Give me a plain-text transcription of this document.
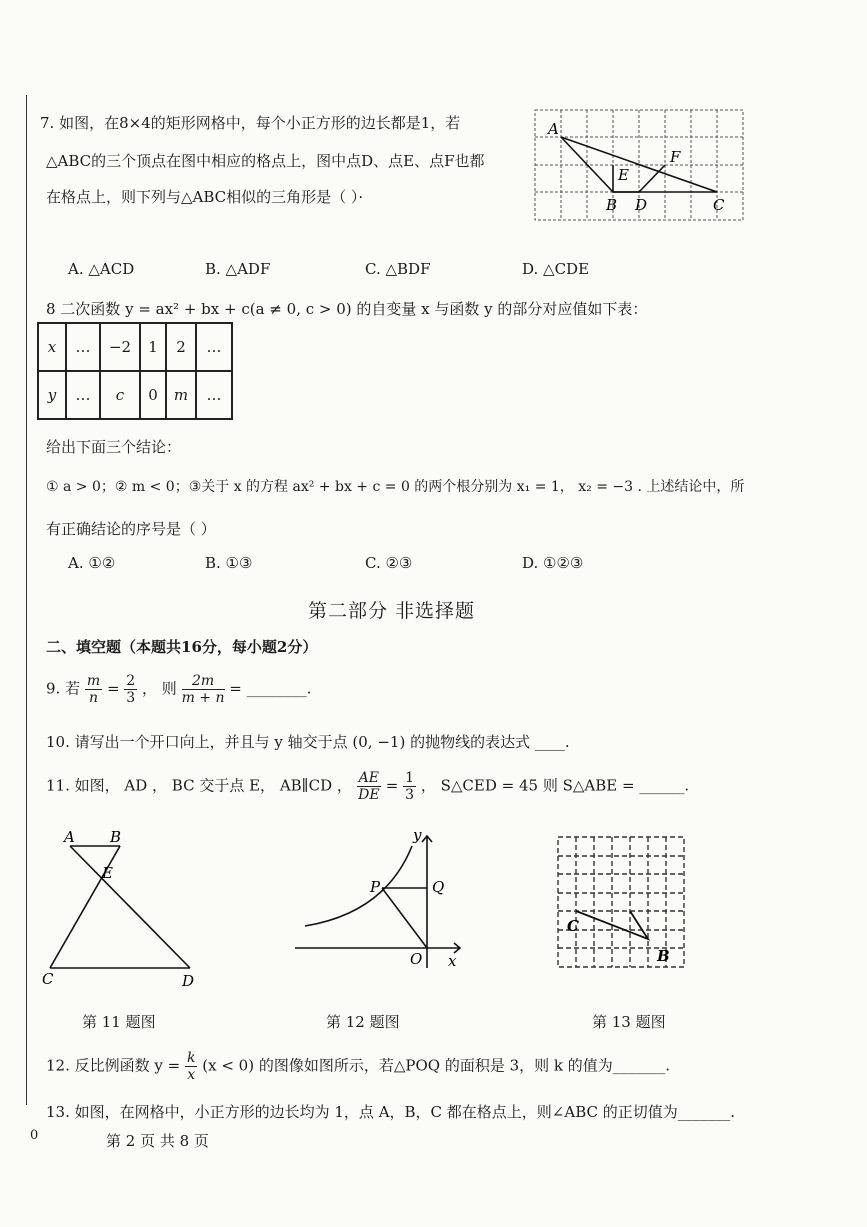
7. 如图，在8×4的矩形网格中，每个小正方形的边长都是1，若
△ABC的三个顶点在图中相应的格点上，图中点D、点E、点F也都
在格点上，则下列与△ABC相似的三角形是（ ）·
A
B	C
D
E
F
A. △ACD	B. △ADF	C. △BDF	D. △CDE
8 二次函数 y = ax² + bx + c(a ≠ 0, c > 0) 的自变量 x 与函数 y 的部分对应值如下表：
x	…	−2	1	2	…
y	…	c	0	m	…
给出下面三个结论：
① a > 0；② m < 0；③关于 x 的方程 ax² + bx + c = 0 的两个根分别为 x₁ = 1， x₂ = −3 . 上述结论中，所
有正确结论的序号是（ ）
A. ①②	B. ①③	C. ②③	D. ①②③
第二部分 非选择题
二、填空题（本题共16分，每小题2分）
9. 若 $\frac{m}{n} = \frac{2}{3}$ ， 则 $\frac{2m}{m + n}$ = ________.
10. 请写出一个开口向上，并且与 y 轴交于点 (0, −1) 的抛物线的表达式 ____.
11. 如图， AD ， BC 交于点 E， AB∥CD ， $\frac{AE}{DE} = \frac{1}{3}$ ， S△CED = 45 则 S△ABE = ______.
A B
E
C	D
第 11 题图
y
P	Q
O x
第 12 题图
C
B
第 13 题图
12. 反比例函数 $y = \frac{k}{x} (x < 0)$ 的图像如图所示，若△POQ 的面积是 3，则 k 的值为_______.
13. 如图，在网格中，小正方形的边长均为 1，点 A，B，C 都在格点上，则∠ABC 的正切值为_______.
0	第 2 页 共 8 页
